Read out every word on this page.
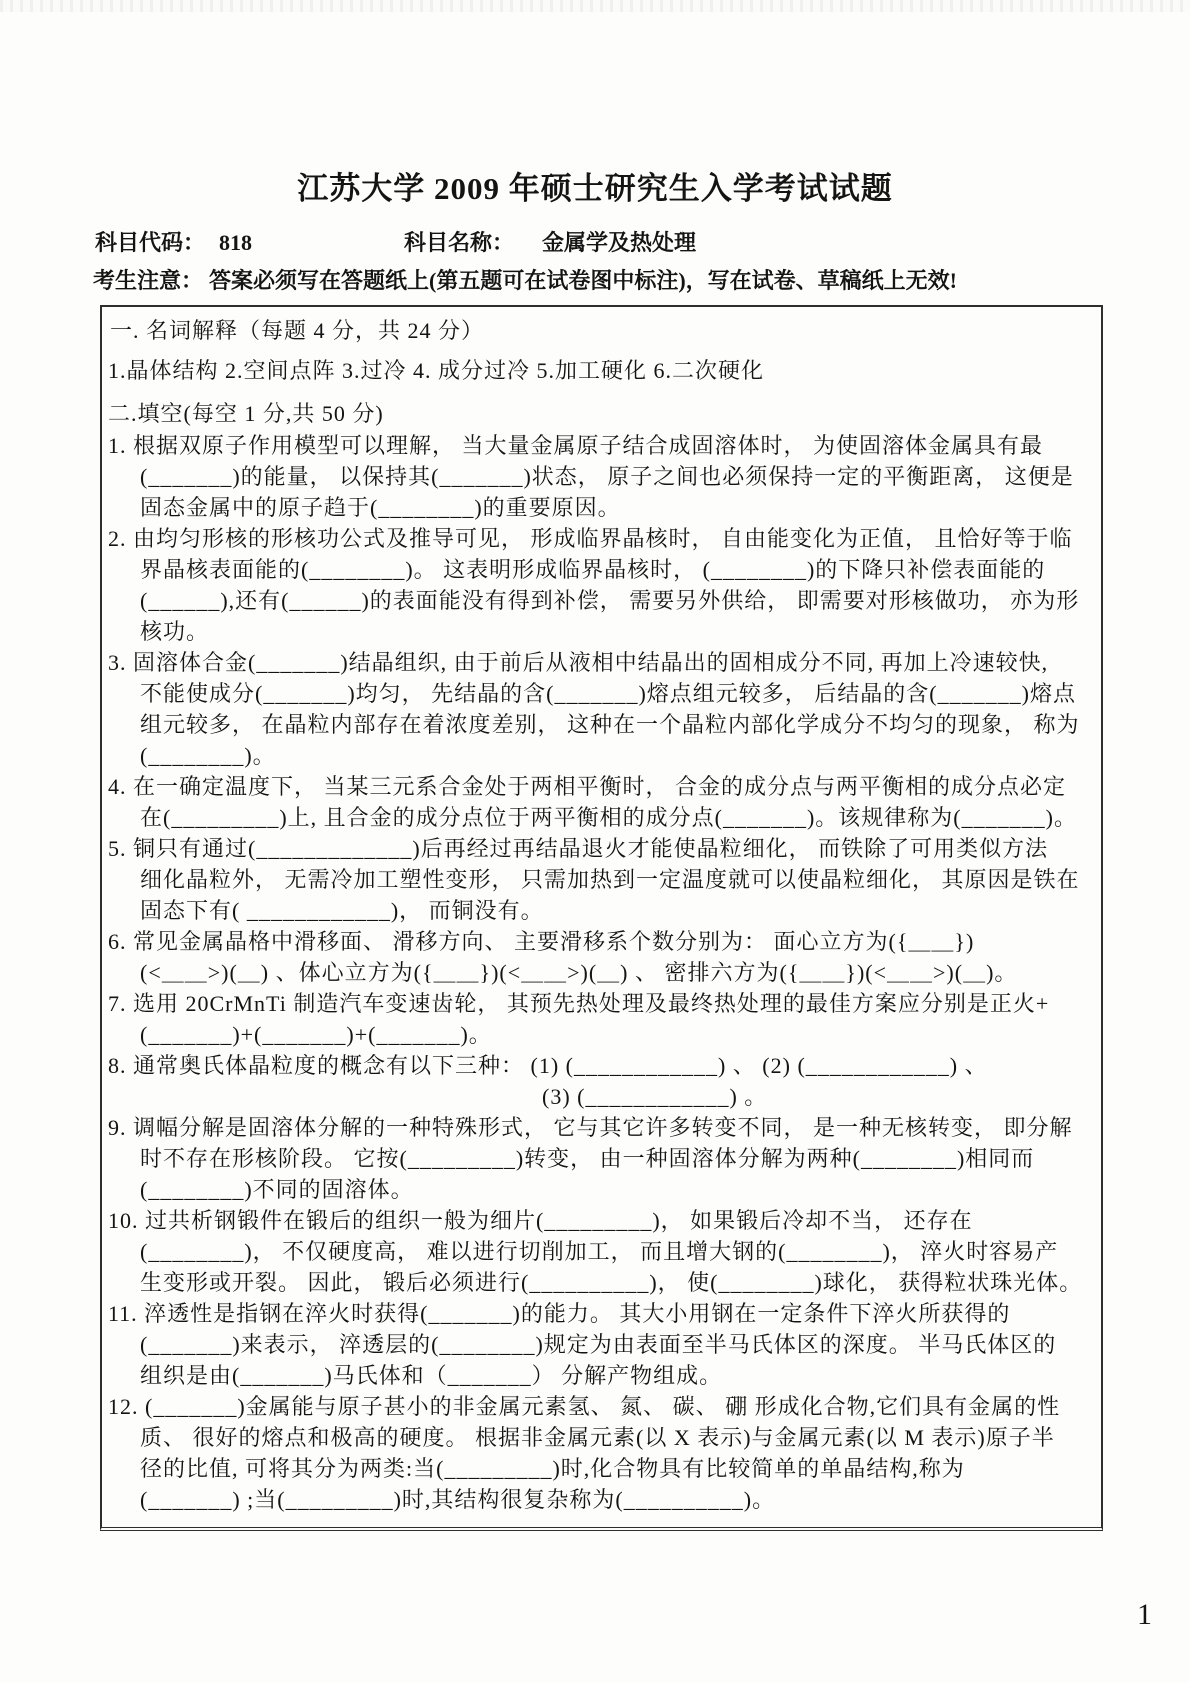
江苏大学 2009 年硕士研究生入学考试试题
科目代码： 818	科目名称： 金属学及热处理
考生注意： 答案必须写在答题纸上(第五题可在试卷图中标注)，写在试卷、草稿纸上无效!
一. 名词解释（每题 4 分，共 24 分）
1.晶体结构 2.空间点阵 3.过冷 4. 成分过冷 5.加工硬化 6.二次硬化
二.填空(每空 1 分,共 50 分)
1. 根据双原子作用模型可以理解， 当大量金属原子结合成固溶体时， 为使固溶体金属具有最
(_______)的能量， 以保持其(_______)状态， 原子之间也必须保持一定的平衡距离， 这便是
固态金属中的原子趋于(________)的重要原因。
2. 由均匀形核的形核功公式及推导可见， 形成临界晶核时， 自由能变化为正值， 且恰好等于临
界晶核表面能的(________)。 这表明形成临界晶核时， (________)的下降只补偿表面能的
(______),还有(______)的表面能没有得到补偿， 需要另外供给， 即需要对形核做功， 亦为形
核功。
3. 固溶体合金(_______)结晶组织, 由于前后从液相中结晶出的固相成分不同, 再加上冷速较快,
不能使成分(_______)均匀， 先结晶的含(_______)熔点组元较多， 后结晶的含(_______)熔点
组元较多， 在晶粒内部存在着浓度差别， 这种在一个晶粒内部化学成分不均匀的现象， 称为
(________)。
4. 在一确定温度下， 当某三元系合金处于两相平衡时， 合金的成分点与两平衡相的成分点必定
在(_________)上, 且合金的成分点位于两平衡相的成分点(_______)。该规律称为(_______)。
5. 铜只有通过(_____________)后再经过再结晶退火才能使晶粒细化， 而铁除了可用类似方法
细化晶粒外， 无需冷加工塑性变形， 只需加热到一定温度就可以使晶粒细化， 其原因是铁在
固态下有( ____________)， 而铜没有。
6. 常见金属晶格中滑移面、 滑移方向、 主要滑移系个数分别为： 面心立方为({＿＿})
(<＿＿>)(＿) 、体心立方为({＿＿})(<＿＿>)(＿) 、 密排六方为({＿＿})(<＿＿>)(＿)。
7. 选用 20CrMnTi 制造汽车变速齿轮， 其预先热处理及最终热处理的最佳方案应分别是正火+
(_______)+(_______)+(_______)。
8. 通常奥氏体晶粒度的概念有以下三种： (1) (____________) 、 (2) (____________) 、
(3) (____________) 。
9. 调幅分解是固溶体分解的一种特殊形式， 它与其它许多转变不同， 是一种无核转变， 即分解
时不存在形核阶段。 它按(_________)转变， 由一种固溶体分解为两种(________)相同而
(________)不同的固溶体。
10. 过共析钢锻件在锻后的组织一般为细片(_________)， 如果锻后冷却不当， 还存在
(________)， 不仅硬度高， 难以进行切削加工， 而且增大钢的(________)， 淬火时容易产
生变形或开裂。 因此， 锻后必须进行(__________)， 使(________)球化， 获得粒状珠光体。
11. 淬透性是指钢在淬火时获得(_______)的能力。 其大小用钢在一定条件下淬火所获得的
(_______)来表示， 淬透层的(________)规定为由表面至半马氏体区的深度。 半马氏体区的
组织是由(_______)马氏体和（_______） 分解产物组成。
12. (_______)金属能与原子甚小的非金属元素氢、 氮、 碳、 硼 形成化合物,它们具有金属的性
质、 很好的熔点和极高的硬度。 根据非金属元素(以 X 表示)与金属元素(以 M 表示)原子半
径的比值, 可将其分为两类:当(_________)时,化合物具有比较简单的单晶结构,称为
(_______) ;当(_________)时,其结构很复杂称为(__________)。
1
